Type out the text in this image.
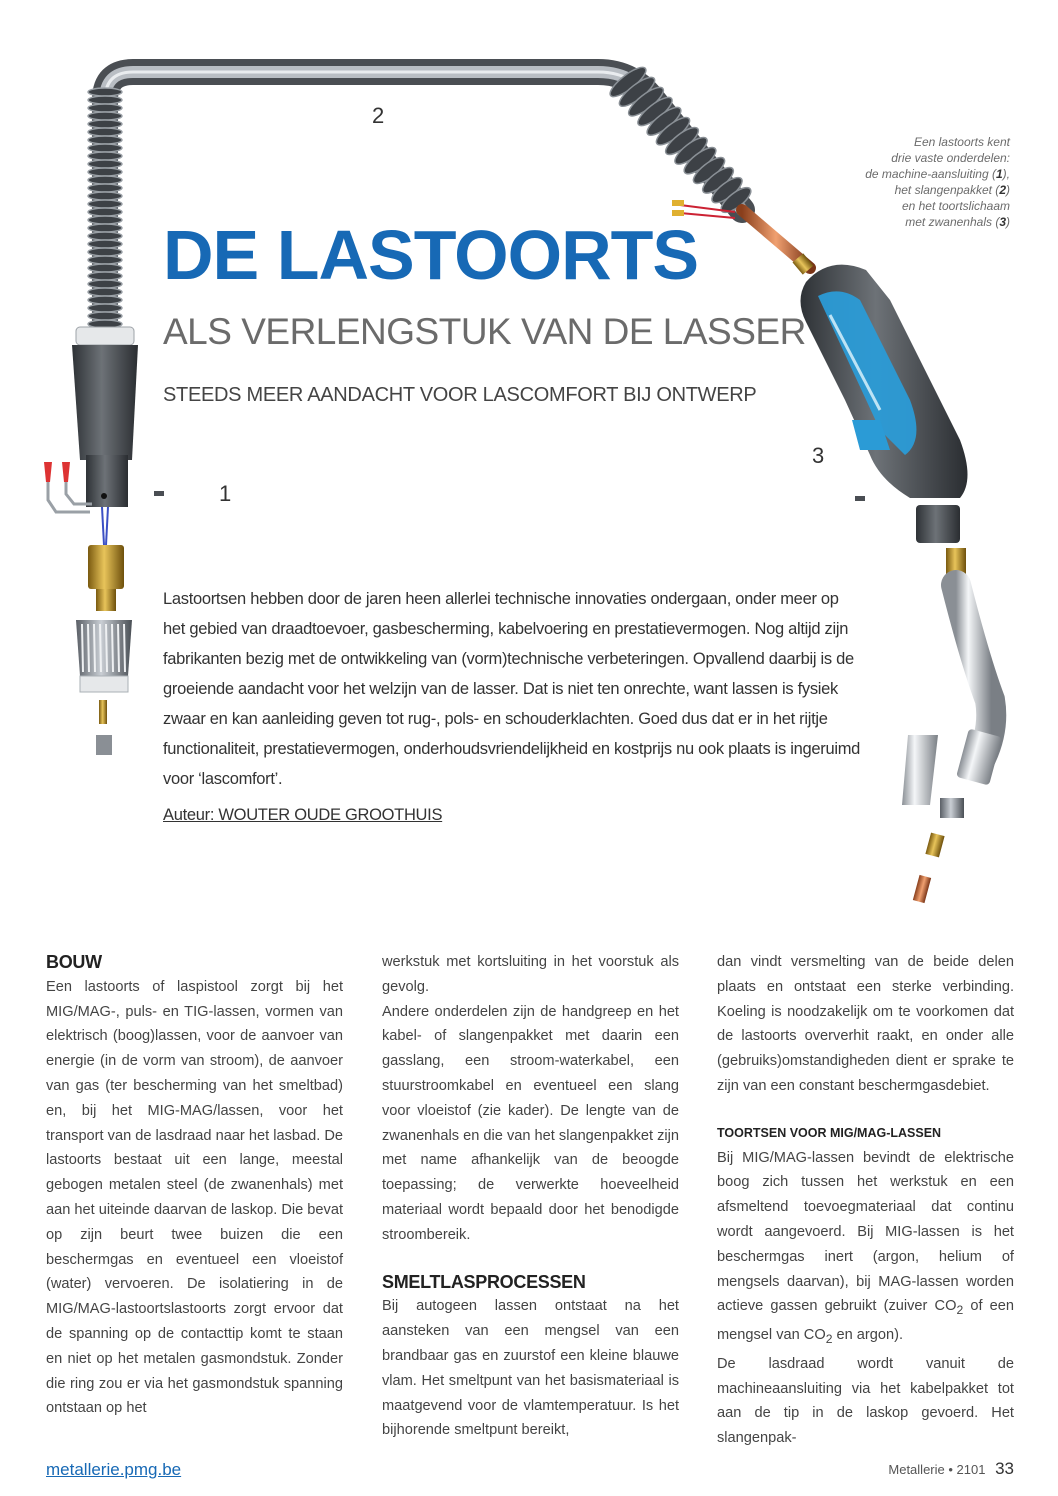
1
2
3
Een lastoorts kent
drie vaste onderdelen:
de machine-aansluiting (1),
het slangenpakket (2)
en het toortslichaam
met zwanenhals (3)
DE LASTOORTS
ALS VERLENGSTUK VAN DE LASSER

STEEDS MEER AANDACHT VOOR LASCOMFORT BIJ ONTWERP

Lastoortsen hebben door de jaren heen allerlei technische innovaties ondergaan, onder meer op het gebied van draadtoevoer, gasbescherming, kabelvoering en prestatievermogen. Nog altijd zijn fabrikanten bezig met de ontwikkeling van (vorm)technische verbeteringen. Opvallend daarbij is de groeiende aandacht voor het welzijn van de lasser. Dat is niet ten onrechte, want lassen is fysiek zwaar en kan aanleiding geven tot rug-, pols- en schouderklachten. Goed dus dat er in het rijtje functionaliteit, prestatievermogen, onderhoudsvriendelijkheid en kostprijs nu ook plaats is ingeruimd voor ‘lascomfort’.

Auteur: WOUTER OUDE GROOTHUIS

BOUW

Een lastoorts of laspistool zorgt bij het MIG/MAG-, puls- en TIG-lassen, vormen van elektrisch (boog)lassen, voor de aanvoer van energie (in de vorm van stroom), de aanvoer van gas (ter bescherming van het smeltbad) en, bij het MIG-MAG/lassen, voor het transport van de lasdraad naar het lasbad. De lastoorts bestaat uit een lange, meestal gebogen metalen steel (de zwanenhals) met aan het uiteinde daarvan de laskop. Die bevat op zijn beurt twee buizen die een beschermgas en eventueel een vloeistof (water) vervoeren. De isolatiering in de MIG/MAG-lastoortslastoorts zorgt ervoor dat de spanning op de contacttip komt te staan en niet op het metalen gasmondstuk. Zonder die ring zou er via het gasmondstuk spanning ontstaan op het

werkstuk met kortsluiting in het voorstuk als gevolg.

Andere onderdelen zijn de handgreep en het kabel- of slangenpakket met daarin een gasslang, een stroom-waterkabel, een stuurstroomkabel en eventueel een slang voor vloeistof (zie kader). De lengte van de zwanenhals en die van het slangenpakket zijn met name afhankelijk van de beoogde toepassing; de verwerkte hoeveelheid materiaal wordt bepaald door het benodigde stroombereik.

SMELTLASPROCESSEN

Bij autogeen lassen ontstaat na het aansteken van een mengsel van een brandbaar gas en zuurstof een kleine blauwe vlam. Het smeltpunt van het basismateriaal is maatgevend voor de vlamtemperatuur. Is het bijhorende smeltpunt bereikt,

dan vindt versmelting van de beide delen plaats en ontstaat een sterke verbinding. Koeling is noodzakelijk om te voorkomen dat de lastoorts oververhit raakt, en onder alle (gebruiks)omstandigheden dient er sprake te zijn van een constant beschermgasdebiet.

TOORTSEN VOOR MIG/MAG-LASSEN

Bij MIG/MAG-lassen bevindt de elektrische boog zich tussen het werkstuk en een afsmeltend toevoegmateriaal dat continu wordt aangevoerd. Bij MIG-lassen is het beschermgas inert (argon, helium of mengsels daarvan), bij MAG-lassen worden actieve gassen gebruikt (zuiver $CO_2$ of een mengsel van $CO_2$ en argon).

De lasdraad wordt vanuit de machineaansluiting via het kabelpakket tot aan de tip in de laskop gevoerd. Het slangenpak-

metallerie.pmg.be	Metallerie • 2101 33
